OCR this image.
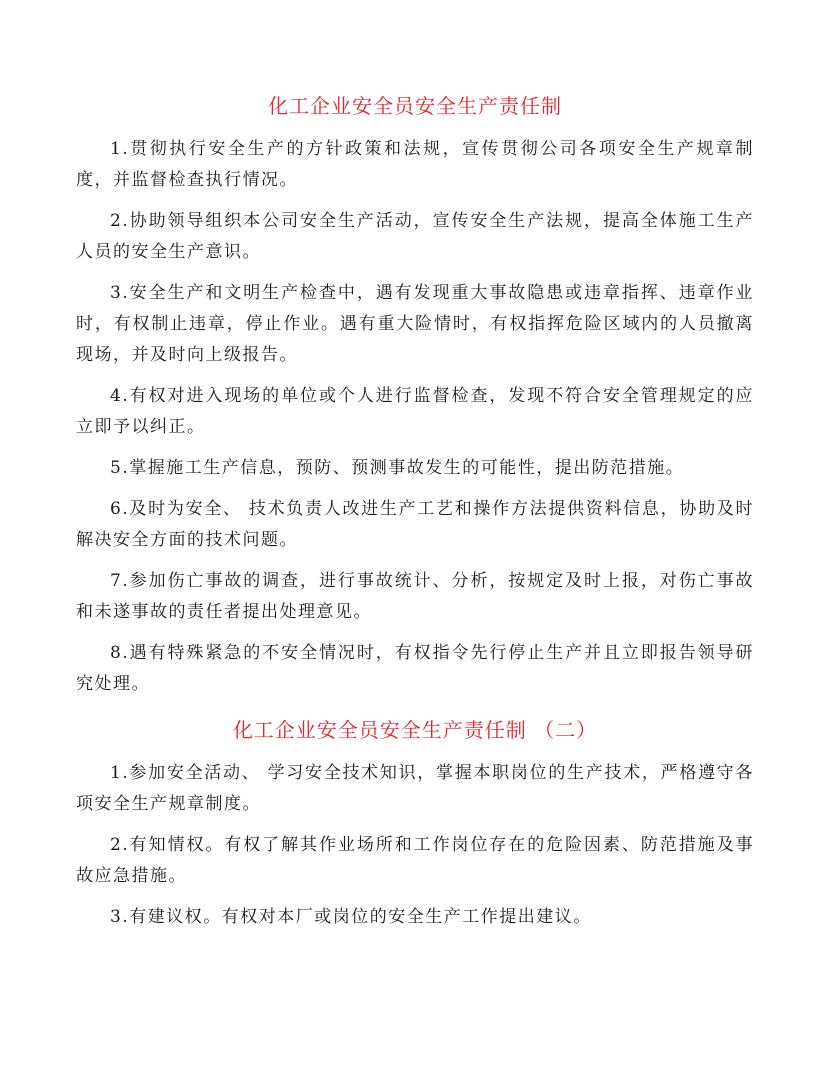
化工企业安全员安全生产责任制

1.贯彻执行安全生产的方针政策和法规，宣传贯彻公司各项安全生产规章制度，并监督检查执行情况。

2.协助领导组织本公司安全生产活动，宣传安全生产法规，提高全体施工生产人员的安全生产意识。

3.安全生产和文明生产检查中，遇有发现重大事故隐患或违章指挥、违章作业时，有权制止违章，停止作业。遇有重大险情时，有权指挥危险区域内的人员撤离现场，并及时向上级报告。

4.有权对进入现场的单位或个人进行监督检查，发现不符合安全管理规定的应立即予以纠正。

5.掌握施工生产信息，预防、预测事故发生的可能性，提出防范措施。

6.及时为安全、 技术负责人改进生产工艺和操作方法提供资料信息，协助及时解决安全方面的技术问题。

7.参加伤亡事故的调查，进行事故统计、分析，按规定及时上报，对伤亡事故和未遂事故的责任者提出处理意见。

8.遇有特殊紧急的不安全情况时，有权指令先行停止生产并且立即报告领导研究处理。

化工企业安全员安全生产责任制 （二）

1.参加安全活动、 学习安全技术知识，掌握本职岗位的生产技术，严格遵守各项安全生产规章制度。

2.有知情权。有权了解其作业场所和工作岗位存在的危险因素、防范措施及事故应急措施。

3.有建议权。有权对本厂或岗位的安全生产工作提出建议。
